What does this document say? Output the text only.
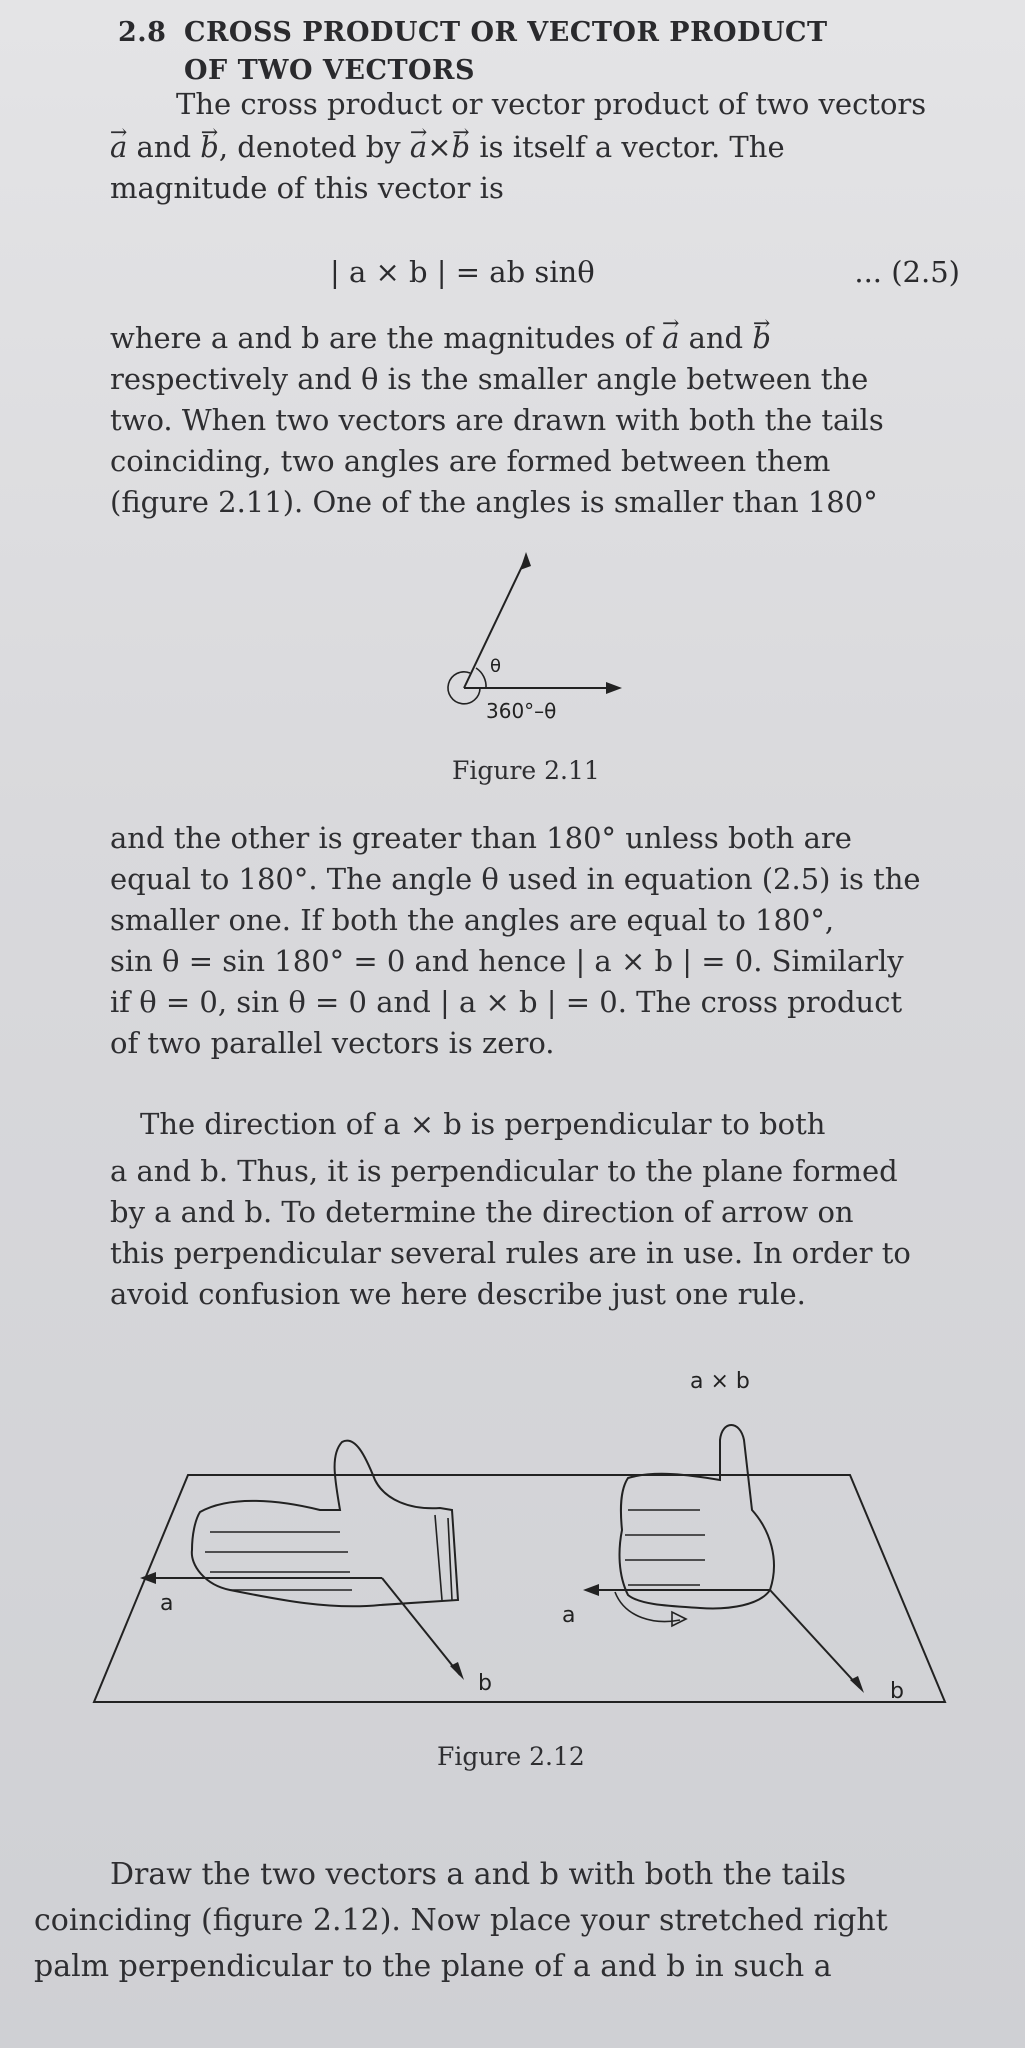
2.8 CROSS PRODUCT OR VECTOR PRODUCT
OF TWO VECTORS
The cross product or vector product of two vectors
→ a and → b, denoted by → a×→ b is itself a vector. The
magnitude of this vector is
| a × b | = ab sinθ	... (2.5)
where a and b are the magnitudes of → a and → b
respectively and θ is the smaller angle between the
two. When two vectors are drawn with both the tails
coinciding, two angles are formed between them
(figure 2.11). One of the angles is smaller than 180°
θ
360°–θ
Figure 2.11
and the other is greater than 180° unless both are
equal to 180°. The angle θ used in equation (2.5) is the
smaller one. If both the angles are equal to 180°,
sin θ = sin 180° = 0 and hence | a × b | = 0. Similarly
if θ = 0, sin θ = 0 and | a × b | = 0. The cross product
of two parallel vectors is zero.
The direction of a × b is perpendicular to both
a and b. Thus, it is perpendicular to the plane formed
by a and b. To determine the direction of arrow on
this perpendicular several rules are in use. In order to
avoid confusion we here describe just one rule.
a
b
a
b
a × b
Figure 2.12
Draw the two vectors a and b with both the tails
coinciding (figure 2.12). Now place your stretched right
palm perpendicular to the plane of a and b in such a
